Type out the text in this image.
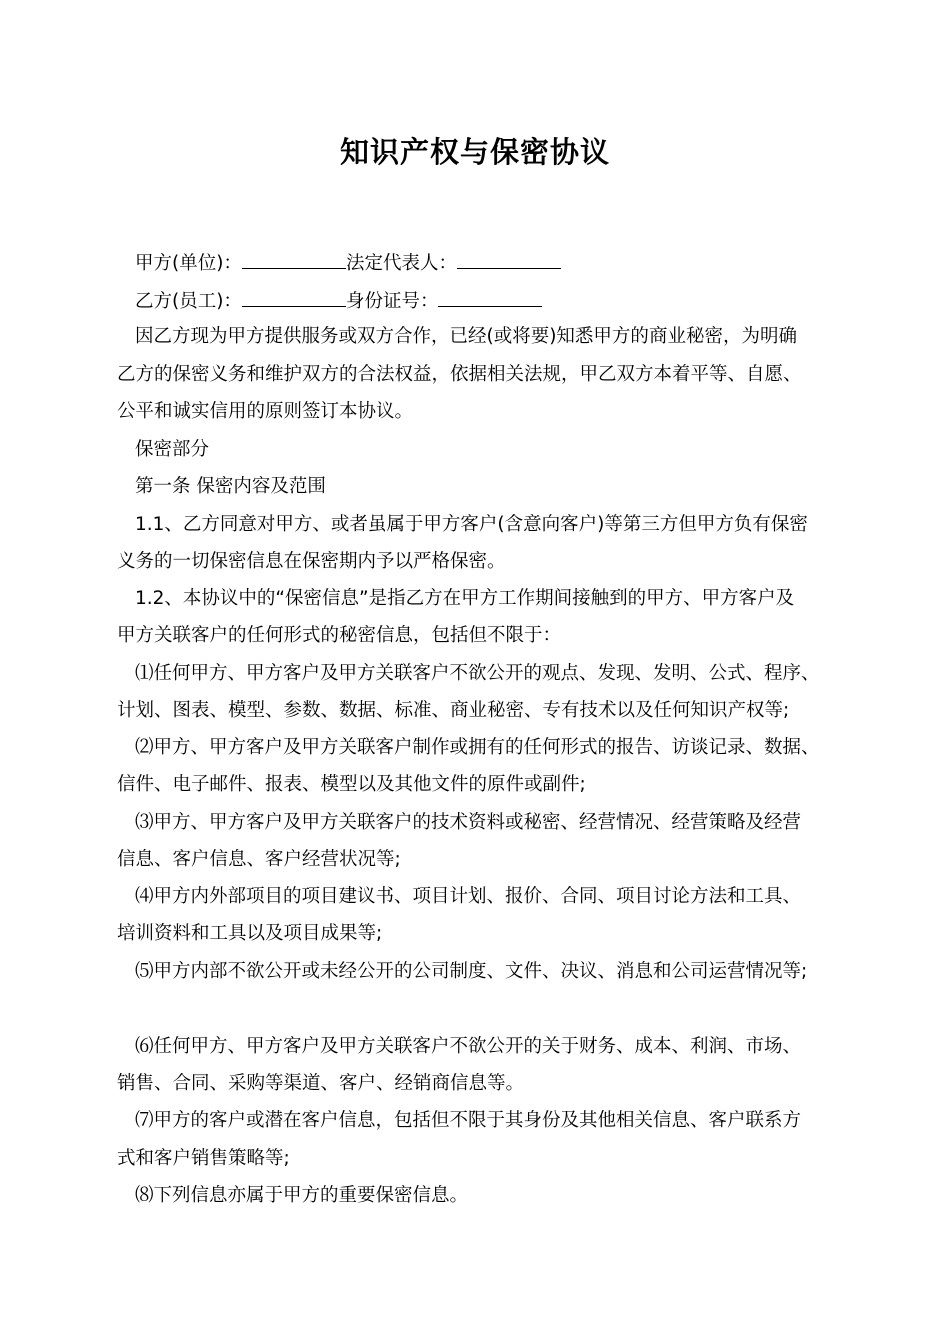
知识产权与保密协议
甲方(单位)：	法定代表人：
乙方(员工)：	身份证号：
因乙方现为甲方提供服务或双方合作，已经(或将要)知悉甲方的商业秘密，为明确
乙方的保密义务和维护双方的合法权益，依据相关法规，甲乙双方本着平等、自愿、
公平和诚实信用的原则签订本协议。
保密部分
第一条 保密内容及范围
1.1、乙方同意对甲方、或者虽属于甲方客户(含意向客户)等第三方但甲方负有保密
义务的一切保密信息在保密期内予以严格保密。
1.2、本协议中的“保密信息”是指乙方在甲方工作期间接触到的甲方、甲方客户及
甲方关联客户的任何形式的秘密信息，包括但不限于：
⑴任何甲方、甲方客户及甲方关联客户不欲公开的观点、发现、发明、公式、程序、
计划、图表、模型、参数、数据、标准、商业秘密、专有技术以及任何知识产权等;
⑵甲方、甲方客户及甲方关联客户制作或拥有的任何形式的报告、访谈记录、数据、
信件、电子邮件、报表、模型以及其他文件的原件或副件;
⑶甲方、甲方客户及甲方关联客户的技术资料或秘密、经营情况、经营策略及经营
信息、客户信息、客户经营状况等;
⑷甲方内外部项目的项目建议书、项目计划、报价、合同、项目讨论方法和工具、
培训资料和工具以及项目成果等;
⑸甲方内部不欲公开或未经公开的公司制度、文件、决议、消息和公司运营情况等;
⑹任何甲方、甲方客户及甲方关联客户不欲公开的关于财务、成本、利润、市场、
销售、合同、采购等渠道、客户、经销商信息等。
⑺甲方的客户或潜在客户信息，包括但不限于其身份及其他相关信息、客户联系方
式和客户销售策略等;
⑻下列信息亦属于甲方的重要保密信息。
